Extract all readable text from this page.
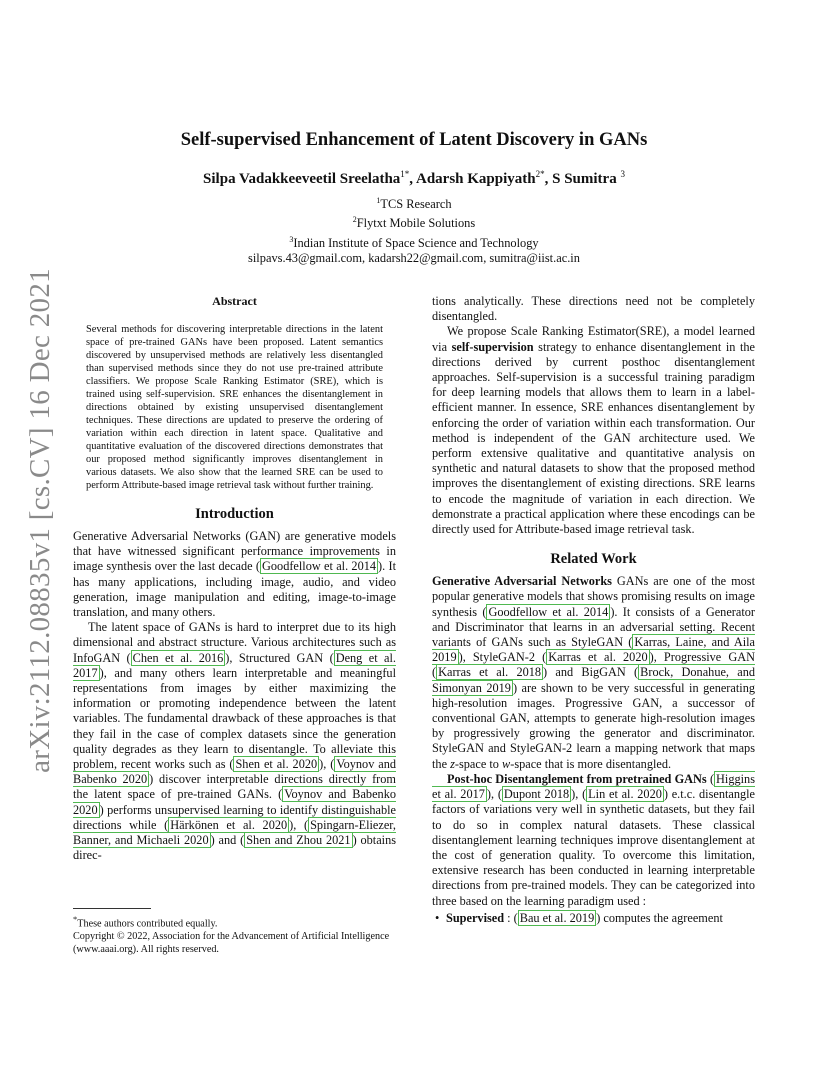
arXiv:2112.08835v1 [cs.CV] 16 Dec 2021
Self-supervised Enhancement of Latent Discovery in GANs
Silpa Vadakkeeveetil Sreelatha$^{1*}$, Adarsh Kappiyath$^{2*}$, S Sumitra $^3$
$^1$TCS Research
$^2$Flytxt Mobile Solutions
$^3$Indian Institute of Space Science and Technology
silpavs.43@gmail.com, kadarsh22@gmail.com, sumitra@iist.ac.in
Abstract

Several methods for discovering interpretable directions in the latent space of pre-trained GANs have been proposed. Latent semantics discovered by unsupervised methods are relatively less disentangled than supervised methods since they do not use pre-trained attribute classifiers. We propose Scale Ranking Estimator (SRE), which is trained using self-supervision. SRE enhances the disentanglement in directions obtained by existing unsupervised disentanglement techniques. These directions are updated to preserve the ordering of variation within each direction in latent space. Qualitative and quantitative evaluation of the discovered directions demonstrates that our proposed method significantly improves disentanglement in various datasets. We also show that the learned SRE can be used to perform Attribute-based image retrieval task without further training.

Introduction

Generative Adversarial Networks (GAN) are generative models that have witnessed significant performance improvements in image synthesis over the last decade ( Goodfellow et al. 2014 ). It has many applications, including image, audio, and video generation, image manipulation and editing, image-to-image translation, and many others.

The latent space of GANs is hard to interpret due to its high dimensional and abstract structure. Various architectures such as InfoGAN ( Chen et al. 2016 ), Structured GAN ( Deng et al. 2017 ), and many others learn interpretable and meaningful representations from images by either maximizing the information or promoting independence between the latent variables. The fundamental drawback of these approaches is that they fail in the case of complex datasets since the generation quality degrades as they learn to disentangle. To alleviate this problem, recent works such as ( Shen et al. 2020 ), ( Voynov and Babenko 2020 ) discover interpretable directions directly from the latent space of pre-trained GANs. ( Voynov and Babenko 2020 ) performs unsupervised learning to identify distinguishable directions while ( Härkönen et al. 2020 ), ( Spingarn-Eliezer, Banner, and Michaeli 2020 ) and ( Shen and Zhou 2021 ) obtains direc-

*These authors contributed equally.
Copyright © 2022, Association for the Advancement of Artificial Intelligence (www.aaai.org). All rights reserved.

tions analytically. These directions need not be completely disentangled.

We propose Scale Ranking Estimator(SRE), a model learned via self-supervision strategy to enhance disentanglement in the directions derived by current posthoc disentanglement approaches. Self-supervision is a successful training paradigm for deep learning models that allows them to learn in a label-efficient manner. In essence, SRE enhances disentanglement by enforcing the order of variation within each transformation. Our method is independent of the GAN architecture used. We perform extensive qualitative and quantitative analysis on synthetic and natural datasets to show that the proposed method improves the disentanglement of existing directions. SRE learns to encode the magnitude of variation in each direction. We demonstrate a practical application where these encodings can be directly used for Attribute-based image retrieval task.

Related Work

Generative Adversarial Networks GANs are one of the most popular generative models that shows promising results on image synthesis ( Goodfellow et al. 2014 ). It consists of a Generator and Discriminator that learns in an adversarial setting. Recent variants of GANs such as StyleGAN ( Karras, Laine, and Aila 2019 ), StyleGAN-2 ( Karras et al. 2020 ), Progressive GAN ( Karras et al. 2018 ) and BigGAN ( Brock, Donahue, and Simonyan 2019 ) are shown to be very successful in generating high-resolution images. Progressive GAN, a successor of conventional GAN, attempts to generate high-resolution images by progressively growing the generator and discriminator. StyleGAN and StyleGAN-2 learn a mapping network that maps the z-space to w-space that is more disentangled.

Post-hoc Disentanglement from pretrained GANs ( Higgins et al. 2017 ), ( Dupont 2018 ), ( Lin et al. 2020 ) e.t.c. disentangle factors of variations very well in synthetic datasets, but they fail to do so in complex natural datasets. These classical disentanglement learning techniques improve disentanglement at the cost of generation quality. To overcome this limitation, extensive research has been conducted in learning interpretable directions from pre-trained models. They can be categorized into three based on the learning paradigm used :

• Supervised : ( Bau et al. 2019 ) computes the agreement
